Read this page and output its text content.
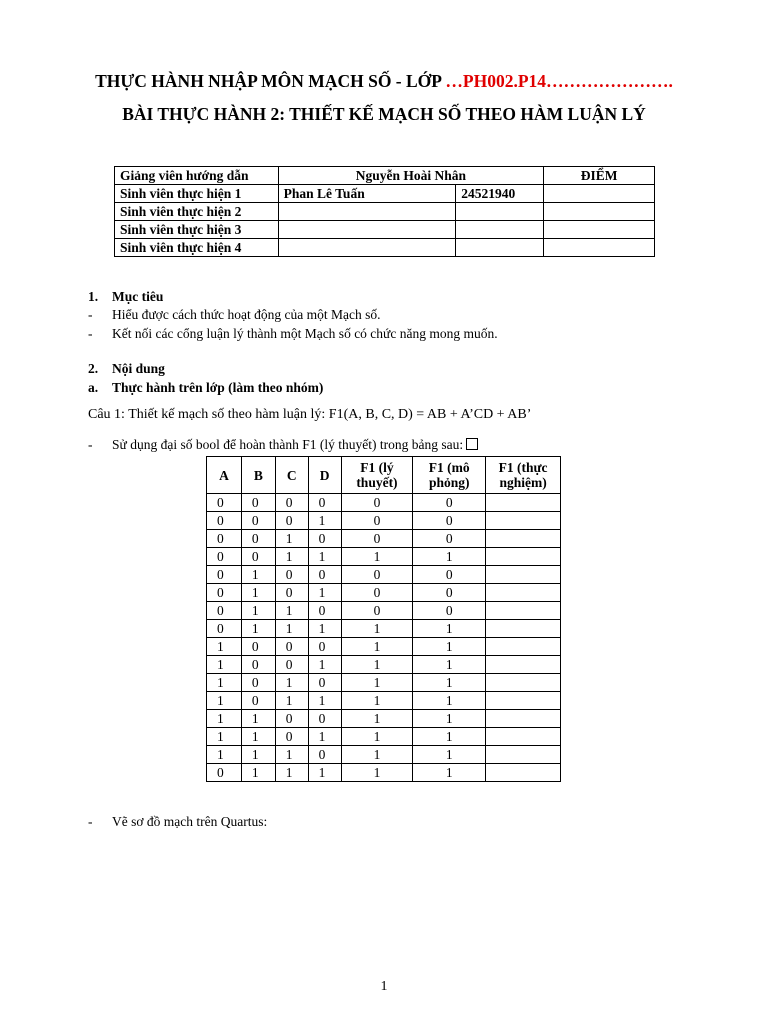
THỰC HÀNH NHẬP MÔN MẠCH SỐ - LỚP …PH002.P14………………….
BÀI THỰC HÀNH 2: THIẾT KẾ MẠCH SỐ THEO HÀM LUẬN LÝ
Giảng viên hướng dẫn	Nguyễn Hoài Nhân		ĐIỂM
Sinh viên thực hiện 1	Phan Lê Tuấn	24521940	
Sinh viên thực hiện 2			
Sinh viên thực hiện 3			
Sinh viên thực hiện 4			
1. Mục tiêu
- Hiểu được cách thức hoạt động của một Mạch số.
- Kết nối các cổng luận lý thành một Mạch số có chức năng mong muốn.
2. Nội dung
a. Thực hành trên lớp (làm theo nhóm)
Câu 1: Thiết kế mạch số theo hàm luận lý: F1(A, B, C, D) = AB + A’CD + AB’
- Sử dụng đại số bool để hoàn thành F1 (lý thuyết) trong bảng sau:
A	B	C	D	F1 (lý thuyết)	F1 (mô phỏng)	F1 (thực nghiệm)
0	0	0	0	0	0	
0	0	0	1	0	0	
0	0	1	0	0	0	
0	0	1	1	1	1	
0	1	0	0	0	0	
0	1	0	1	0	0	
0	1	1	0	0	0	
0	1	1	1	1	1	
1	0	0	0	1	1	
1	0	0	1	1	1	
1	0	1	0	1	1	
1	0	1	1	1	1	
1	1	0	0	1	1	
1	1	0	1	1	1	
1	1	1	0	1	1	
0	1	1	1	1	1	
- Vẽ sơ đồ mạch trên Quartus:
1
